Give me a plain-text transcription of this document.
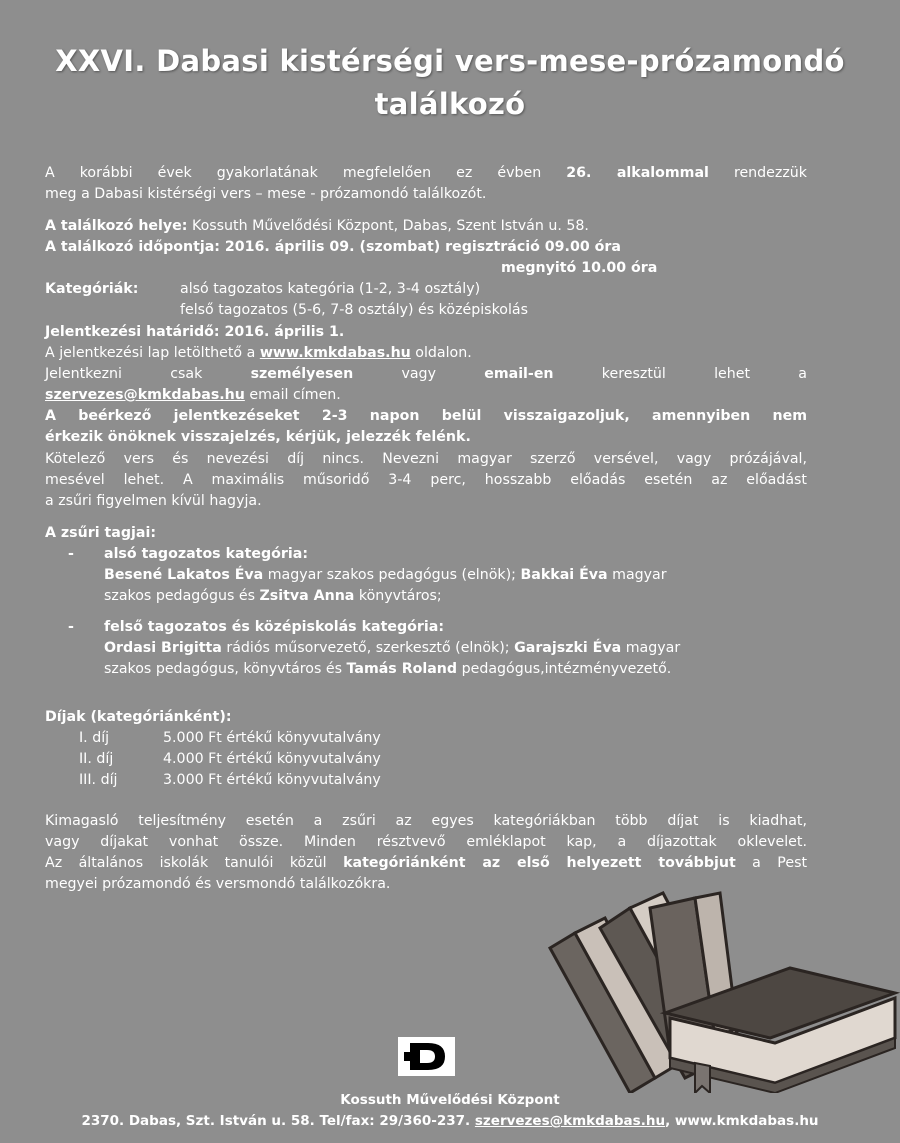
XXVI. Dabasi kistérségi vers-mese-prózamondó
találkozó
A korábbi évek gyakorlatának megfelelően ez évben 26. alkalommal rendezzük
meg a Dabasi kistérségi vers – mese - prózamondó találkozót.
A találkozó helye: Kossuth Művelődési Központ, Dabas, Szent István u. 58.
A találkozó időpontja: 2016. április 09. (szombat) regisztráció 09.00 óra
megnyitó 10.00 óra
Kategóriák:	alsó tagozatos kategória (1-2, 3-4 osztály)
felső tagozatos (5-6, 7-8 osztály) és középiskolás
Jelentkezési határidő: 2016. április 1.
A jelentkezési lap letölthető a www.kmkdabas.hu oldalon.
Jelentkezni	csak	személyesen	vagy	email-en	keresztül	lehet	a
szervezes@kmkdabas.hu email címen.
A beérkező jelentkezéseket 2-3 napon belül visszaigazoljuk, amennyiben nem
érkezik önöknek visszajelzés, kérjük, jelezzék felénk.
Kötelező vers és nevezési díj nincs. Nevezni magyar szerző versével, vagy prózájával,
mesével lehet. A maximális műsoridő 3-4 perc, hosszabb előadás esetén az előadást
a zsűri figyelmen kívül hagyja.
A zsűri tagjai:
- alsó tagozatos kategória:
Besené Lakatos Éva magyar szakos pedagógus (elnök); Bakkai Éva magyar
szakos pedagógus és Zsitva Anna könyvtáros;
- felső tagozatos és középiskolás kategória:
Ordasi Brigitta rádiós műsorvezető, szerkesztő (elnök); Garajszki Éva magyar
szakos pedagógus, könyvtáros és Tamás Roland pedagógus,intézményvezető.
Díjak (kategóriánként):
I. díj	5.000 Ft értékű könyvutalvány
II. díj	4.000 Ft értékű könyvutalvány
III. díj	3.000 Ft értékű könyvutalvány
Kimagasló teljesítmény esetén a zsűri az egyes kategóriákban több díjat is kiadhat,
vagy díjakat vonhat össze. Minden résztvevő emléklapot kap, a díjazottak oklevelet.
Az általános iskolák tanulói közül kategóriánként az első helyezett továbbjut a Pest
megyei prózamondó és versmondó találkozókra.
D
Kossuth Művelődési Központ
2370. Dabas, Szt. István u. 58. Tel/fax: 29/360-237. szervezes@kmkdabas.hu, www.kmkdabas.hu
